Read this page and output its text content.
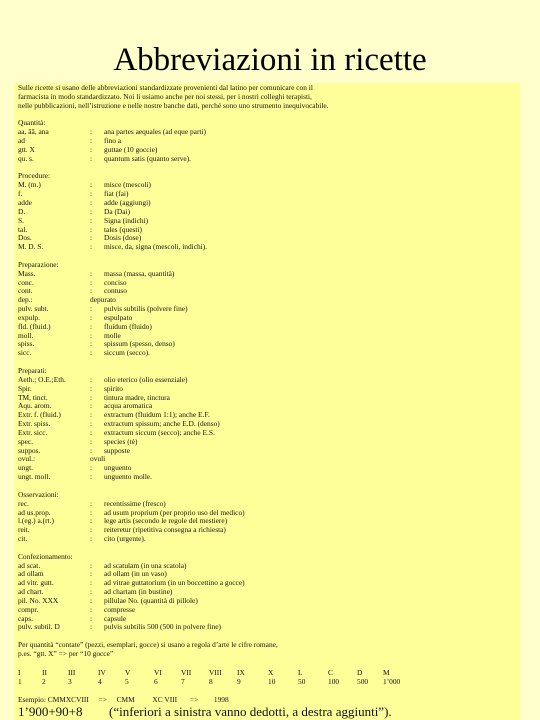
Abbreviazioni in ricette
Sulle ricette si usano delle abbreviazioni standardizzate provenienti dal latino per comunicare con il
farmacista in modo standardizzato. Noi li usiamo anche per noi stessi, per i nostri colleghi terapisti,
nelle pubblicazioni, nell’istruzione e nelle nostre banche dati, perché sono uno strumento inequivocabile.
Quantità:
aa, āā, ana	:	ana partes aequales (ad eque parti)
ad	:	fino a
gtt. X	:	guttae (10 goccie)
qu. s.	:	quantum satis (quanto serve).
Procedure:
M. (m.)	:	misce (mescoli)
f.	:	fiat (fai)
adde	:	adde (aggiungi)
D.	:	Da (Dai)
S.	:	Signa (indichi)
tal.	:	tales (questi)
Dos.	:	Dosis (dose)
M. D. S.	:	misce, da, signa (mescoli, indichi).
Preparazione:
Mass.	:	massa (massa, quantità)
conc.	:	conciso
cont.	:	contuso
dep.:	depurato
pulv. subt.	:	pulvis subtilis (polvere fine)
expulp.	:	espulpato
fld. (fluid.)	:	fluidum (fluido)
moll.	:	molle
spiss.	:	spissum (spesso, denso)
sicc.	:	siccum (secco).
Preparati:
Aeth.; O.E.;Eth.	:	olio eterico (olio essenziale)
Spir.	:	spirito
TM, tinct.	:	tintura madre, tinctura
Aqu. arom.	:	acqua aromatica
Extr. f. (fluid.)	:	extractum (fluidum 1:1); anche E.F.
Extr. spiss.	:	extractum spissum; anche E.D. (denso)
Extr. sicc.	:	extractum siccum (secco); anche E.S.
spec.	:	species (tè)
suppos.	:	supposte
ovul.:	ovuli
ungt.	:	unguento
ungt. moll.	:	unguento molle.
Osservazioni:
rec.	:	recentissime (fresco)
ad us.prop.	:	ad usum proprium (per proprio uso del medico)
l.(eg.) a.(rt.)	:	lege artis (secondo le regole del mestiere)
reit.	:	reiteretur (ripetitiva consegna a richiesta)
cit.	:	cito (urgente).
Confezionamento:
ad scat.	:	ad scatulam (in una scatola)
ad ollam	:	ad ollam (in un vaso)
ad vitr. gutt.	:	ad vitrae guttatorium (in un boccettino a gocce)
ad chart.	:	ad chartam (in bustine)
pil. No. XXX	:	pillulae No. (quantità di pillole)
compr.	:	compresse
caps.	:	capsule
pulv. subtil. D	:	pulvis subtilis 500 (500 in polvere fine)
Per quantità “contate” (pezzi, esemplari, gocce) si usano a regola d’arte le cifre romane,
p.es. “gtt. X” => per “10 gocce”
I	II	III	IV	V	VI	VII VIII IX	X	L	C	D	M
1	2	3	4	5	6	7	8	9	10	50	100 500 1’000
Esempio: CMMXCVIII => CMM XC VIII => 1998
1’900+90+8 (“inferiori a sinistra vanno dedotti, a destra aggiunti”).
